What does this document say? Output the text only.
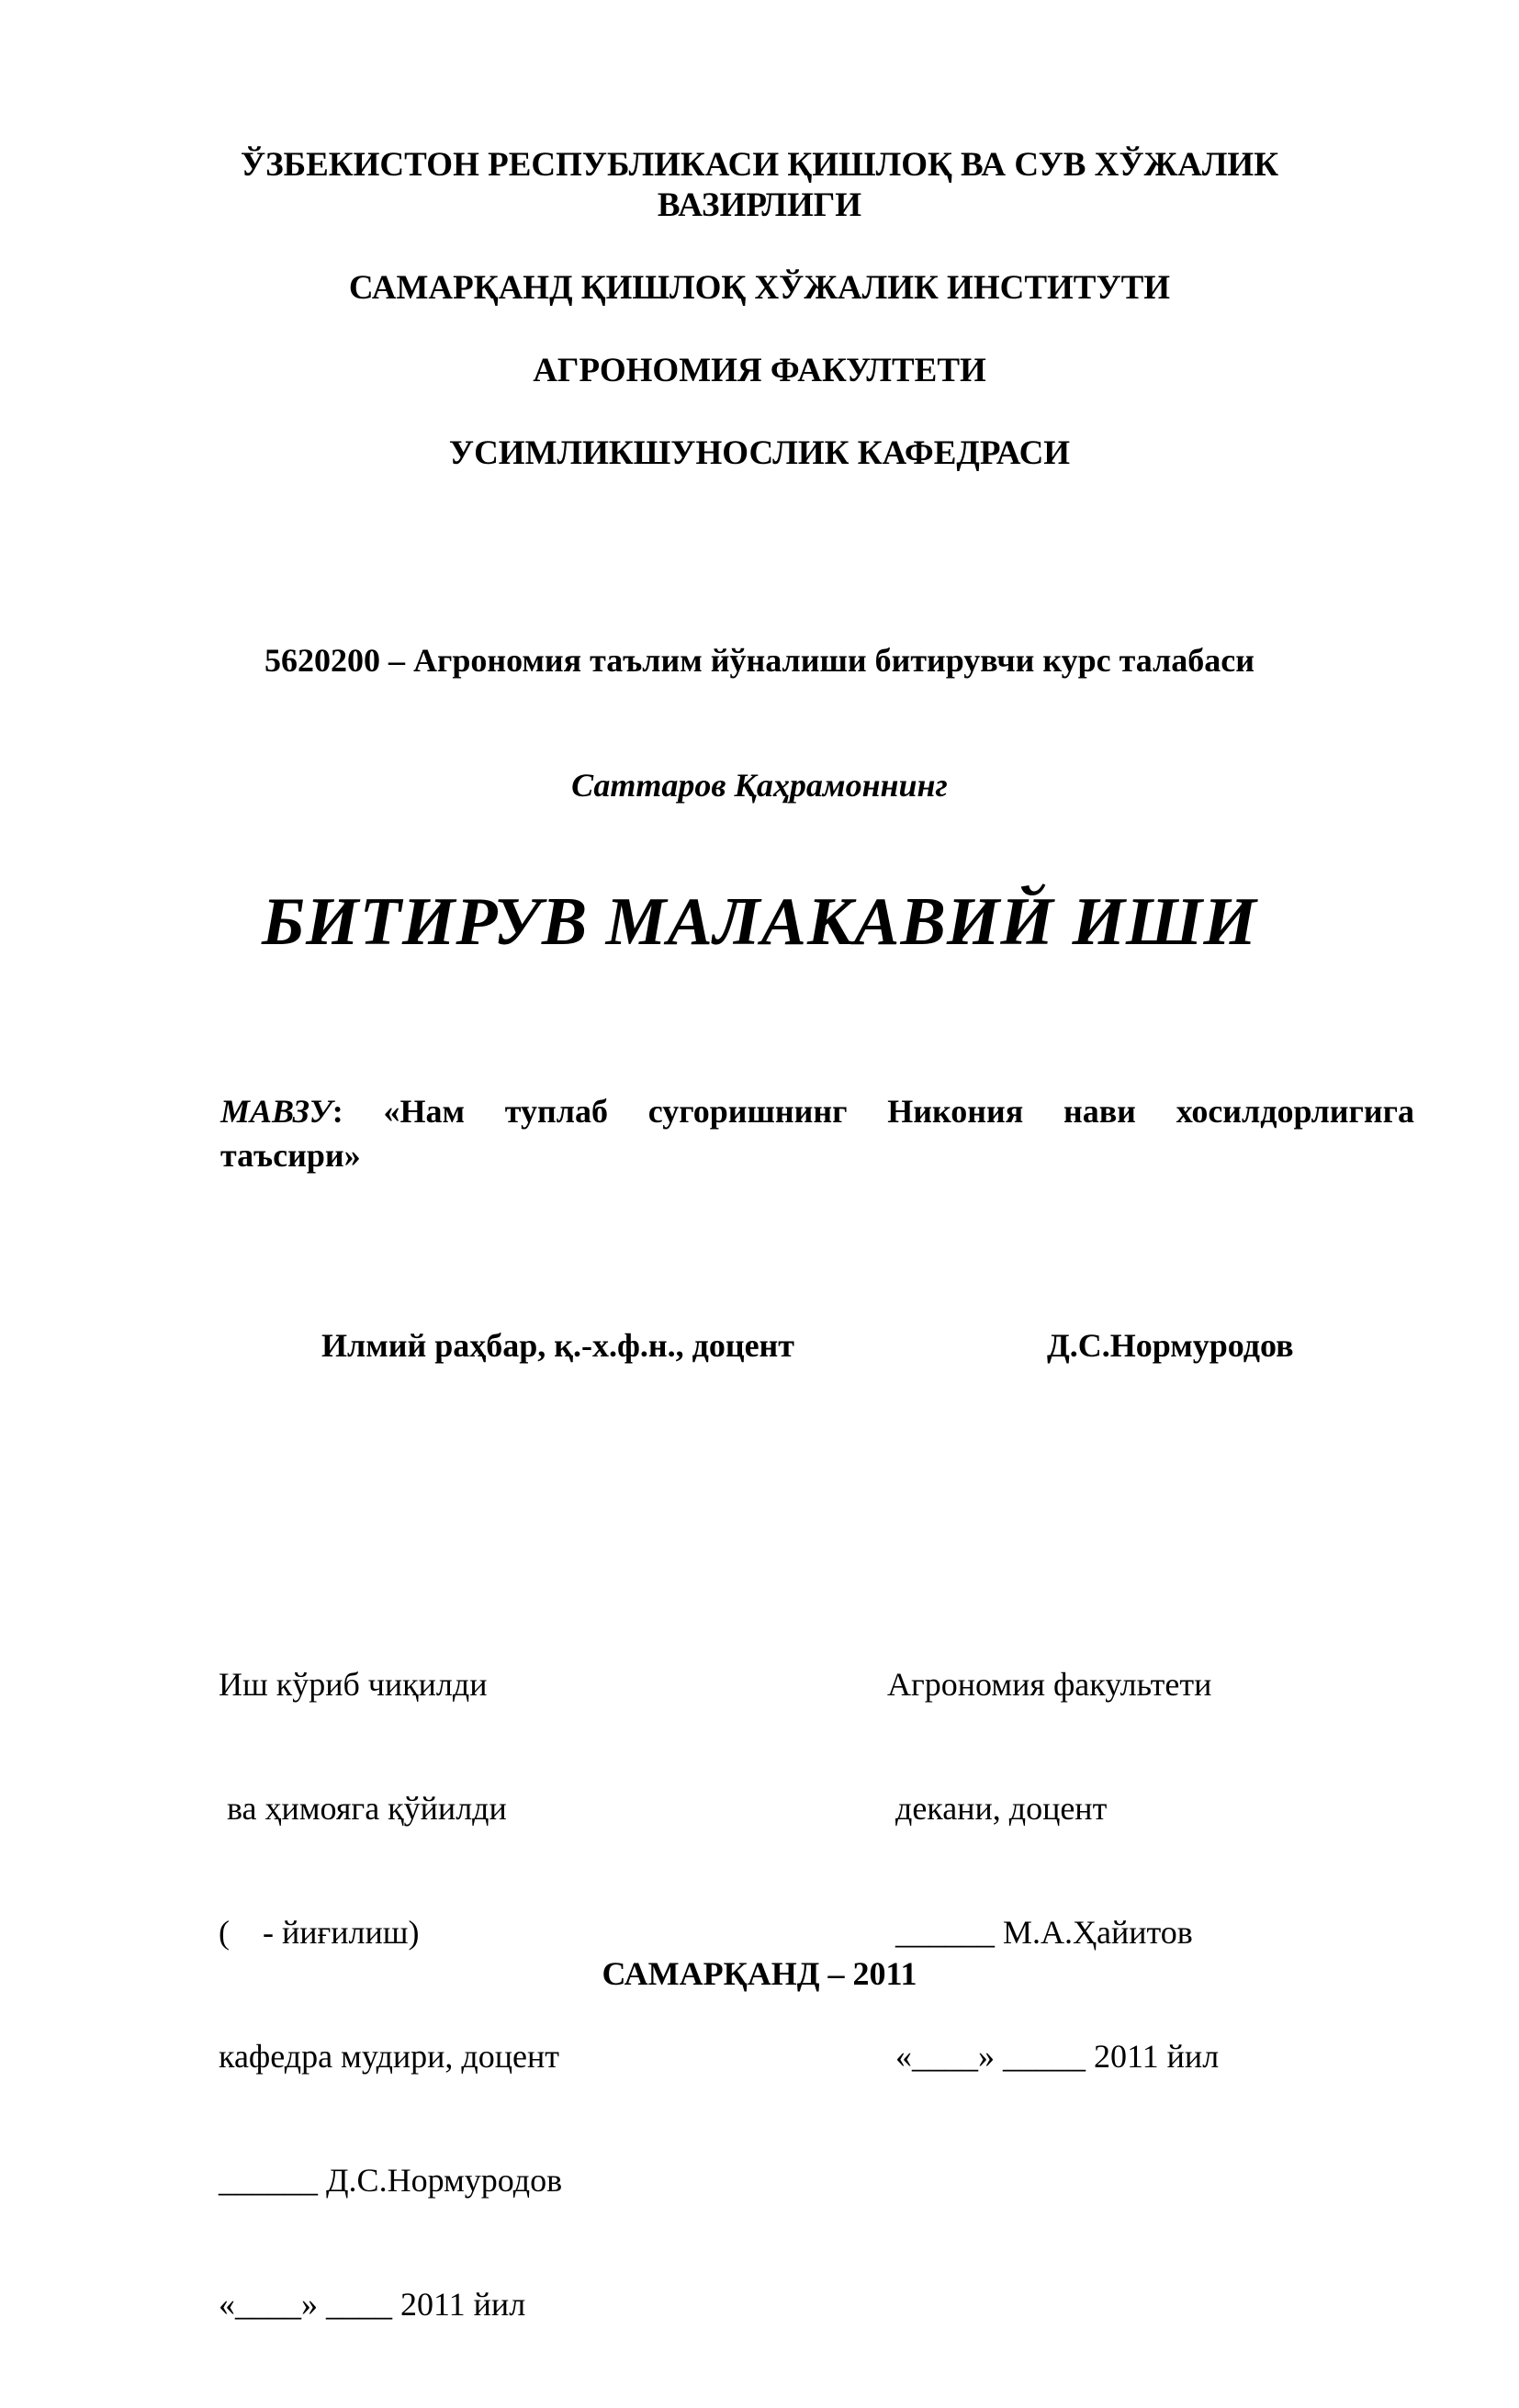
ЎЗБЕКИСТОН РЕСПУБЛИКАСИ ҚИШЛОҚ ВА СУВ ХЎЖАЛИК
ВАЗИРЛИГИ
САМАРҚАНД ҚИШЛОҚ ХЎЖАЛИК ИНСТИТУТИ
АГРОНОМИЯ ФАКУЛТЕТИ
УСИМЛИКШУНОСЛИК КАФЕДРАСИ
5620200 – Агрономия таълим йўналиши битирувчи курс талабаси
Саттаров Қаҳрамоннинг
БИТИРУВ МАЛАКАВИЙ ИШИ
МАВЗУ: «Нам туплаб сугоришнинг Никония нави хосилдорлигига
таъсири»
Илмий раҳбар, қ.-х.ф.н., доцент	Д.С.Нормуродов

Иш кўриб чиқилди

ва ҳимояга қўйилди

(    - йиғилиш)

кафедра мудири, доцент

______ Д.С.Нормуродов

«____» ____ 2011 йил

Агрономия факультети

декани, доцент

______ М.А.Ҳайитов

«____» _____ 2011 йил

САМАРҚАНД – 2011
